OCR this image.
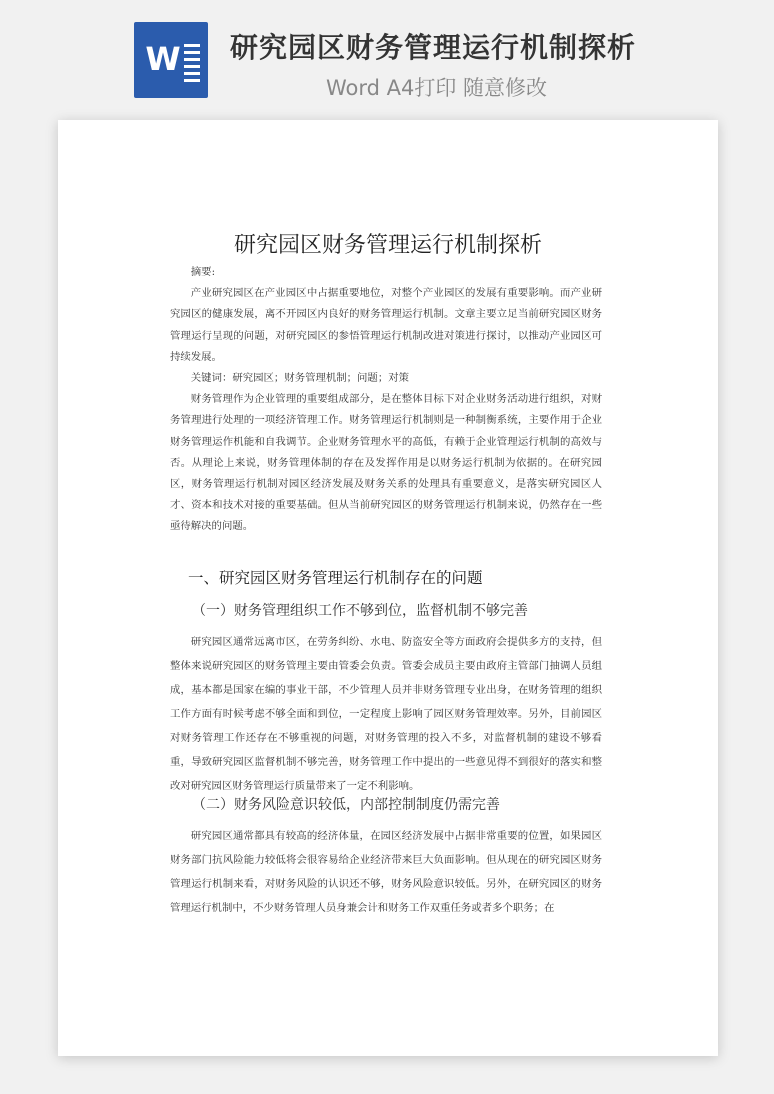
W 研究园区财务管理运行机制探析
Word A4打印 随意修改
研究园区财务管理运行机制探析

摘要:

产业研究园区在产业园区中占据重要地位，对整个产业园区的发展有重要影响。而产业研究园区的健康发展，离不开园区内良好的财务管理运行机制。文章主要立足当前研究园区财务管理运行呈现的问题，对研究园区的参悟管理运行机制改进对策进行探讨，以推动产业园区可持续发展。

关键词：研究园区；财务管理机制；问题；对策

财务管理作为企业管理的重要组成部分，是在整体目标下对企业财务活动进行组织，对财务管理进行处理的一项经济管理工作。财务管理运行机制则是一种制衡系统，主要作用于企业财务管理运作机能和自我调节。企业财务管理水平的高低，有赖于企业管理运行机制的高效与否。从理论上来说，财务管理体制的存在及发挥作用是以财务运行机制为依据的。在研究园区，财务管理运行机制对园区经济发展及财务关系的处理具有重要意义，是落实研究园区人才、资本和技术对接的重要基础。但从当前研究园区的财务管理运行机制来说，仍然存在一些亟待解决的问题。

一、研究园区财务管理运行机制存在的问题
（一）财务管理组织工作不够到位，监督机制不够完善

研究园区通常远离市区，在劳务纠纷、水电、防盗安全等方面政府会提供多方的支持，但整体来说研究园区的财务管理主要由管委会负责。管委会成员主要由政府主管部门抽调人员组成，基本都是国家在编的事业干部，不少管理人员并非财务管理专业出身，在财务管理的组织工作方面有时候考虑不够全面和到位，一定程度上影响了园区财务管理效率。另外，目前园区对财务管理工作还存在不够重视的问题，对财务管理的投入不多，对监督机制的建设不够看重，导致研究园区监督机制不够完善，财务管理工作中提出的一些意见得不到很好的落实和整改对研究园区财务管理运行质量带来了一定不利影响。

（二）财务风险意识较低，内部控制制度仍需完善

研究园区通常都具有较高的经济体量，在园区经济发展中占据非常重要的位置，如果园区财务部门抗风险能力较低将会很容易给企业经济带来巨大负面影响。但从现在的研究园区财务管理运行机制来看，对财务风险的认识还不够，财务风险意识较低。另外，在研究园区的财务管理运行机制中，不少财务管理人员身兼会计和财务工作双重任务或者多个职务；在
